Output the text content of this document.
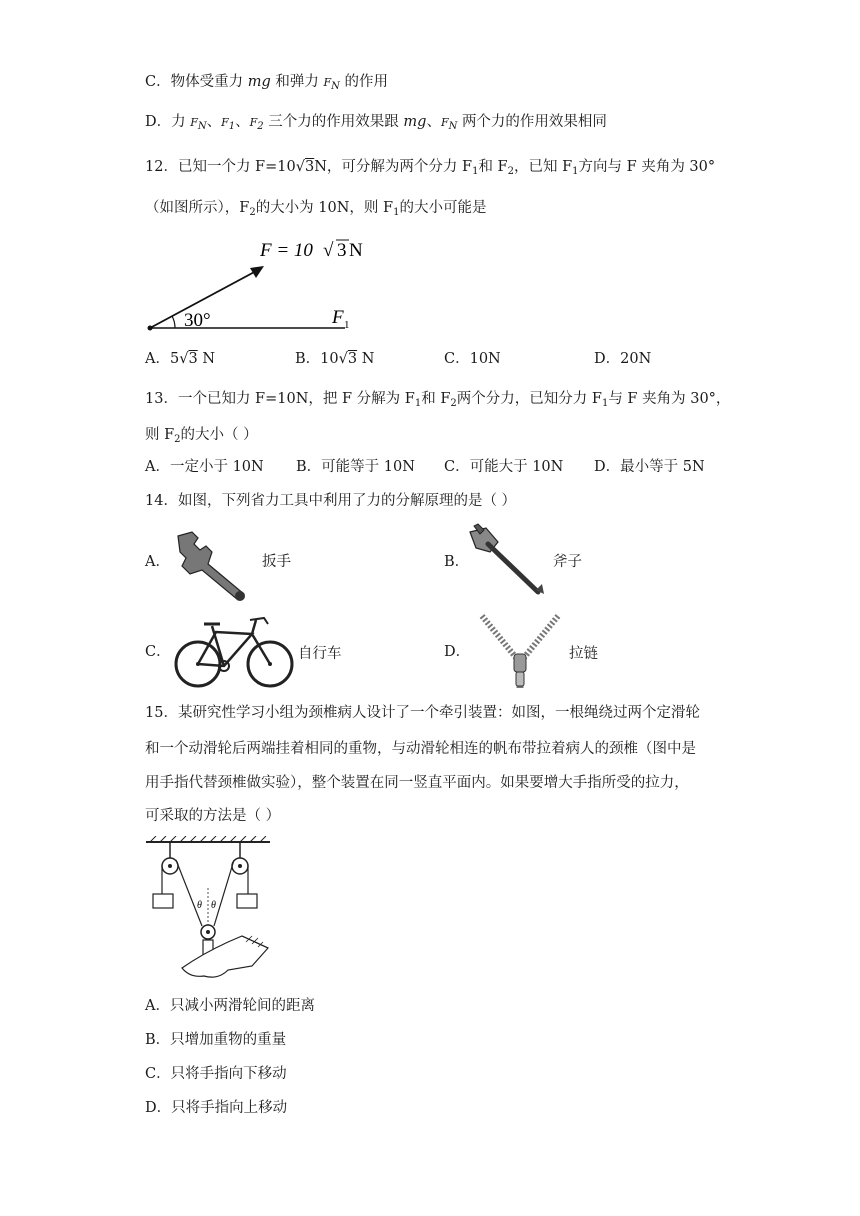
C．物体受重力 mg 和弹力 FN 的作用
D．力 FN、F1、F2 三个力的作用效果跟 mg、FN 两个力的作用效果相同
12．已知一个力 F=10√3N，可分解为两个分力 $F_1$和 $F_2$，已知 $F_1$方向与 F 夹角为 30°
（如图所示），$F_2$的大小为 10N，则 $F_1$的大小可能是
30°	F 1
F = 10 √ 3 N
A．5√3 N	B．10√3 N	C．10N	D．20N
13．一个已知力 F=10N，把 F 分解为 $F_1$和 $F_2$两个分力，已知分力 $F_1$与 F 夹角为 30°，
则 $F_2$的大小（ ）
A．一定小于 10N B．可能等于 10N C．可能大于 10N D．最小等于 5N
14．如图，下列省力工具中利用了力的分解原理的是（ ）
A．	扳手	B．	斧子
C．	自行车	D．	拉链
15．某研究性学习小组为颈椎病人设计了一个牵引装置：如图，一根绳绕过两个定滑轮
和一个动滑轮后两端挂着相同的重物，与动滑轮相连的帆布带拉着病人的颈椎（图中是
用手指代替颈椎做实验），整个装置在同一竖直平面内。如果要增大手指所受的拉力，
可采取的方法是（ ）
θ θ
A．只减小两滑轮间的距离
B．只增加重物的重量
C．只将手指向下移动
D．只将手指向上移动
